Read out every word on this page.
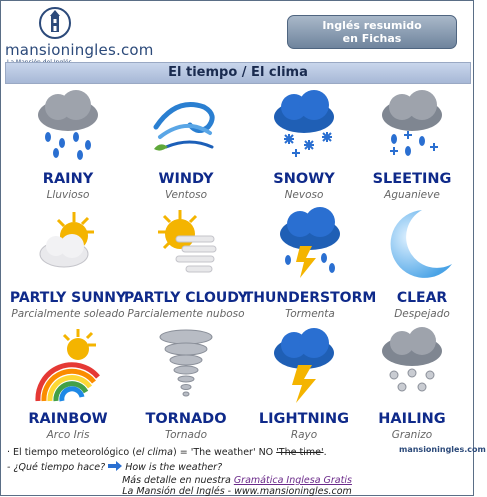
mansioningles.com
Inglés resumido
en Fichas
El tiempo / El clima
RAINY
Lluvioso
WINDY
Ventoso
SNOWY
Nevoso
SLEETING
Aguanieve
PARTLY SUNNY
Parcialmente soleado
PARTLY CLOUDY
Parcialemente nuboso
THUNDERSTORM
Tormenta
CLEAR
Despejado
RAINBOW
Arco Iris
TORNADO
Tornado
LIGHTNING
Rayo
HAILING
Granizo
mansioningles.com
· El tiempo meteorológico (el clima) = 'The weather' NO 'The time'.
- ¿Qué tiempo hace?  How is the weather?
Más detalle en nuestra Gramática Inglesa Gratis
La Mansión del Inglés - www.mansioningles.com
